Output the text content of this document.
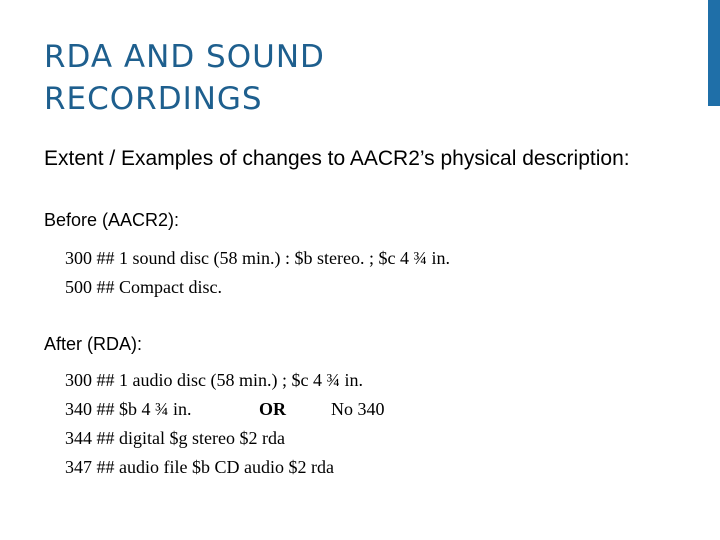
RDA AND SOUND
RECORDINGS

Extent / Examples of changes to AACR2’s physical description:

Before (AACR2):

300 ## 1 sound disc (58 min.) : $b stereo. ; $c 4 ¾ in.

500 ## Compact disc.

After (RDA):

300 ## 1 audio disc (58 min.) ; $c 4 ¾ in.

340 ## $b 4 ¾ in.	OR	No 340

344 ## digital $g stereo $2 rda

347 ## audio file $b CD audio $2 rda
